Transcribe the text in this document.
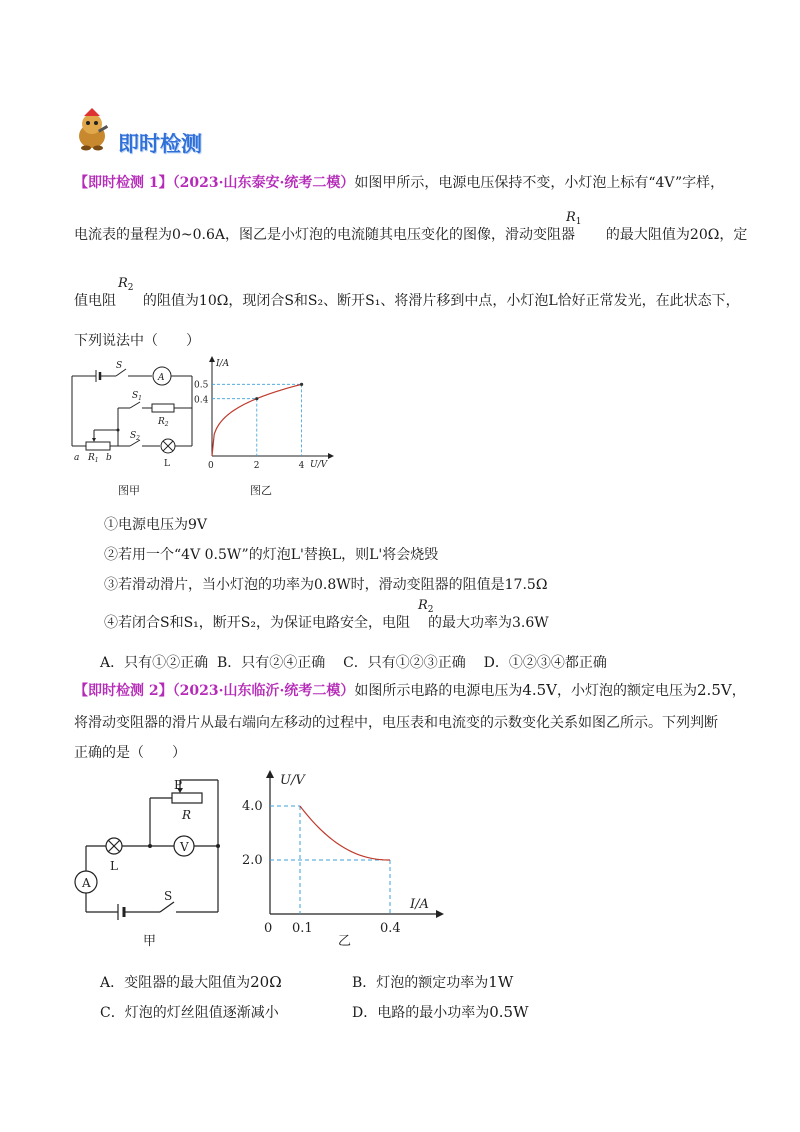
即时检测
【即时检测 1】（2023·山东泰安·统考二模）如图甲所示，电源电压保持不变，小灯泡上标有“4V”字样，
电流表的量程为0~0.6A，图乙是小灯泡的电流随其电压变化的图像，滑动变阻器 的最大阻值为20Ω，定
$R_1$
值电阻 的阻值为10Ω，现闭合S和S₂、断开S₁、将滑片移到中点，小灯泡L恰好正常发光，在此状态下，
$R_2$
下列说法中（　　）
S
A
$S_1$
$R_2$
$S_2$
L
a $R_1$ b
图甲
I/A
U/V
0	2	4
0.5
0.4
图乙
①电源电压为9V
②若用一个“4V 0.5W”的灯泡L'替换L，则L'将会烧毁
③若滑动滑片，当小灯泡的功率为0.8W时，滑动变阻器的阻值是17.5Ω
④若闭合S和S₁，断开S₂，为保证电路安全，电阻 的最大功率为3.6W
$R_2$
A．只有①②正确  B．只有②④正确    C．只有①②③正确    D．①②③④都正确
【即时检测 2】（2023·山东临沂·统考二模）如图所示电路的电源电压为4.5V，小灯泡的额定电压为2.5V，
将滑动变阻器的滑片从最右端向左移动的过程中，电压表和电流变的示数变化关系如图乙所示。下列判断
正确的是（　　）
P
R
V
L
A
S
甲
U/V
I/A
0 0.1	0.4
4.0
2.0
乙
A．变阻器的最大阻值为20Ω	B．灯泡的额定功率为1W
C．灯泡的灯丝阻值逐渐减小	D．电路的最小功率为0.5W
